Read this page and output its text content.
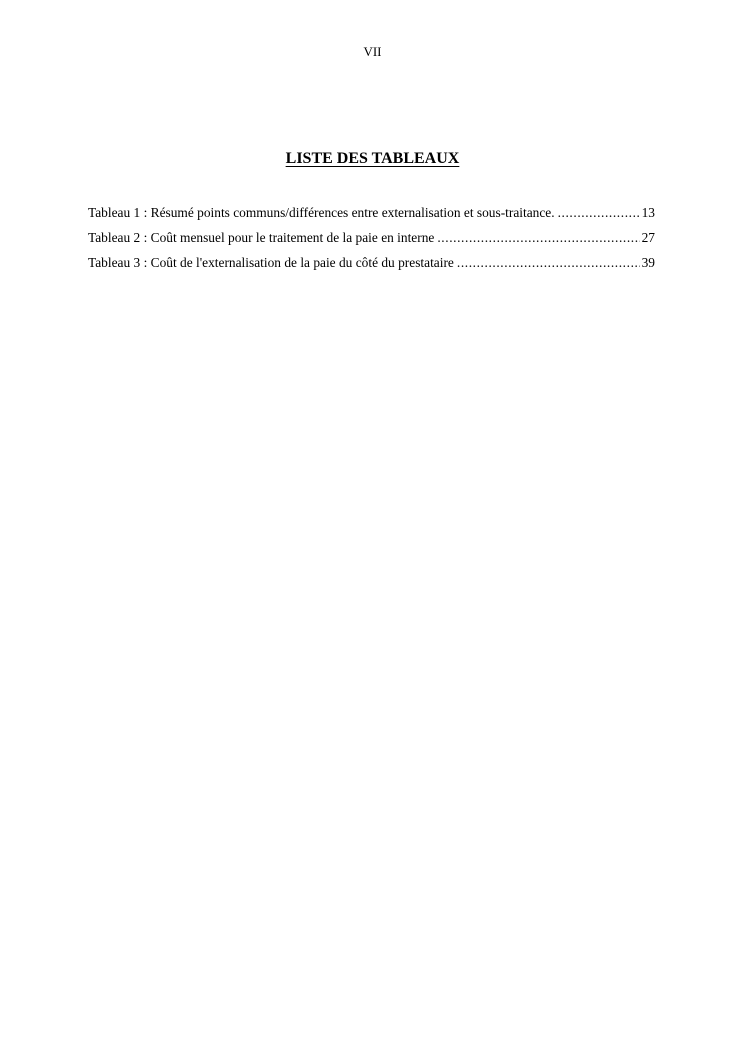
VII
LISTE DES TABLEAUX
Tableau 1 : Résumé points communs/différences entre externalisation et sous-traitance. .....	13
Tableau 2 : Coût mensuel pour le traitement de la paie en interne .....	27
Tableau 3 : Coût de l'externalisation de la paie du côté du prestataire .....	39
